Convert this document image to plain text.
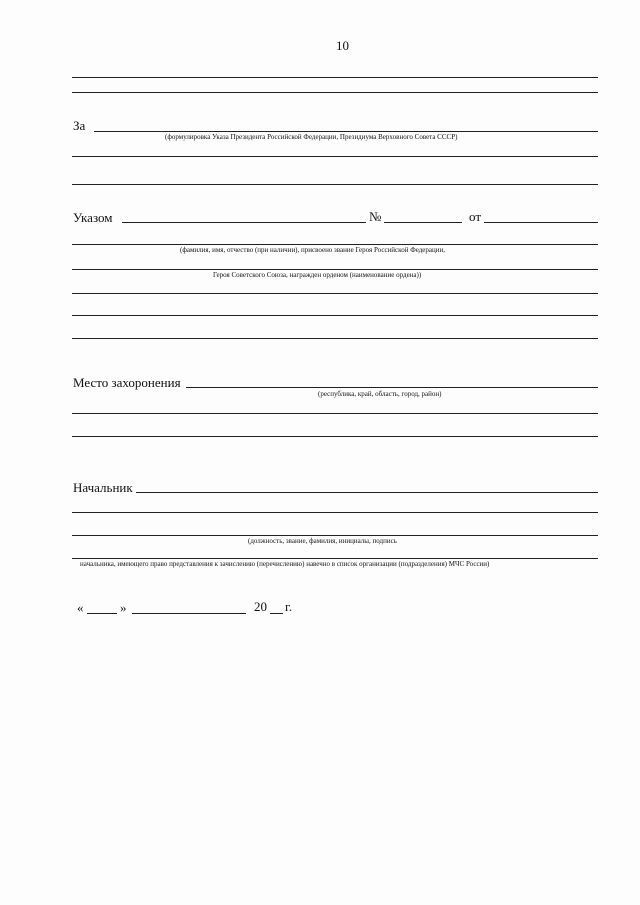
10
За
(формулировка Указа Президента Российской Федерации, Президиума Верховного Совета СССР)
Указом	№	от
(фамилия, имя, отчество (при наличии), присвоено звание Героя Российской Федерации,
Героя Советского Союза, награжден орденом (наименование ордена))
Место захоронения
(республика, край, область, город, район)
Начальник
(должность, звание, фамилия, инициалы, подпись
начальника, имеющего право представления к зачислению (перечислению) навечно в список организации (подразделения) МЧС России)
«	»	20 г.
